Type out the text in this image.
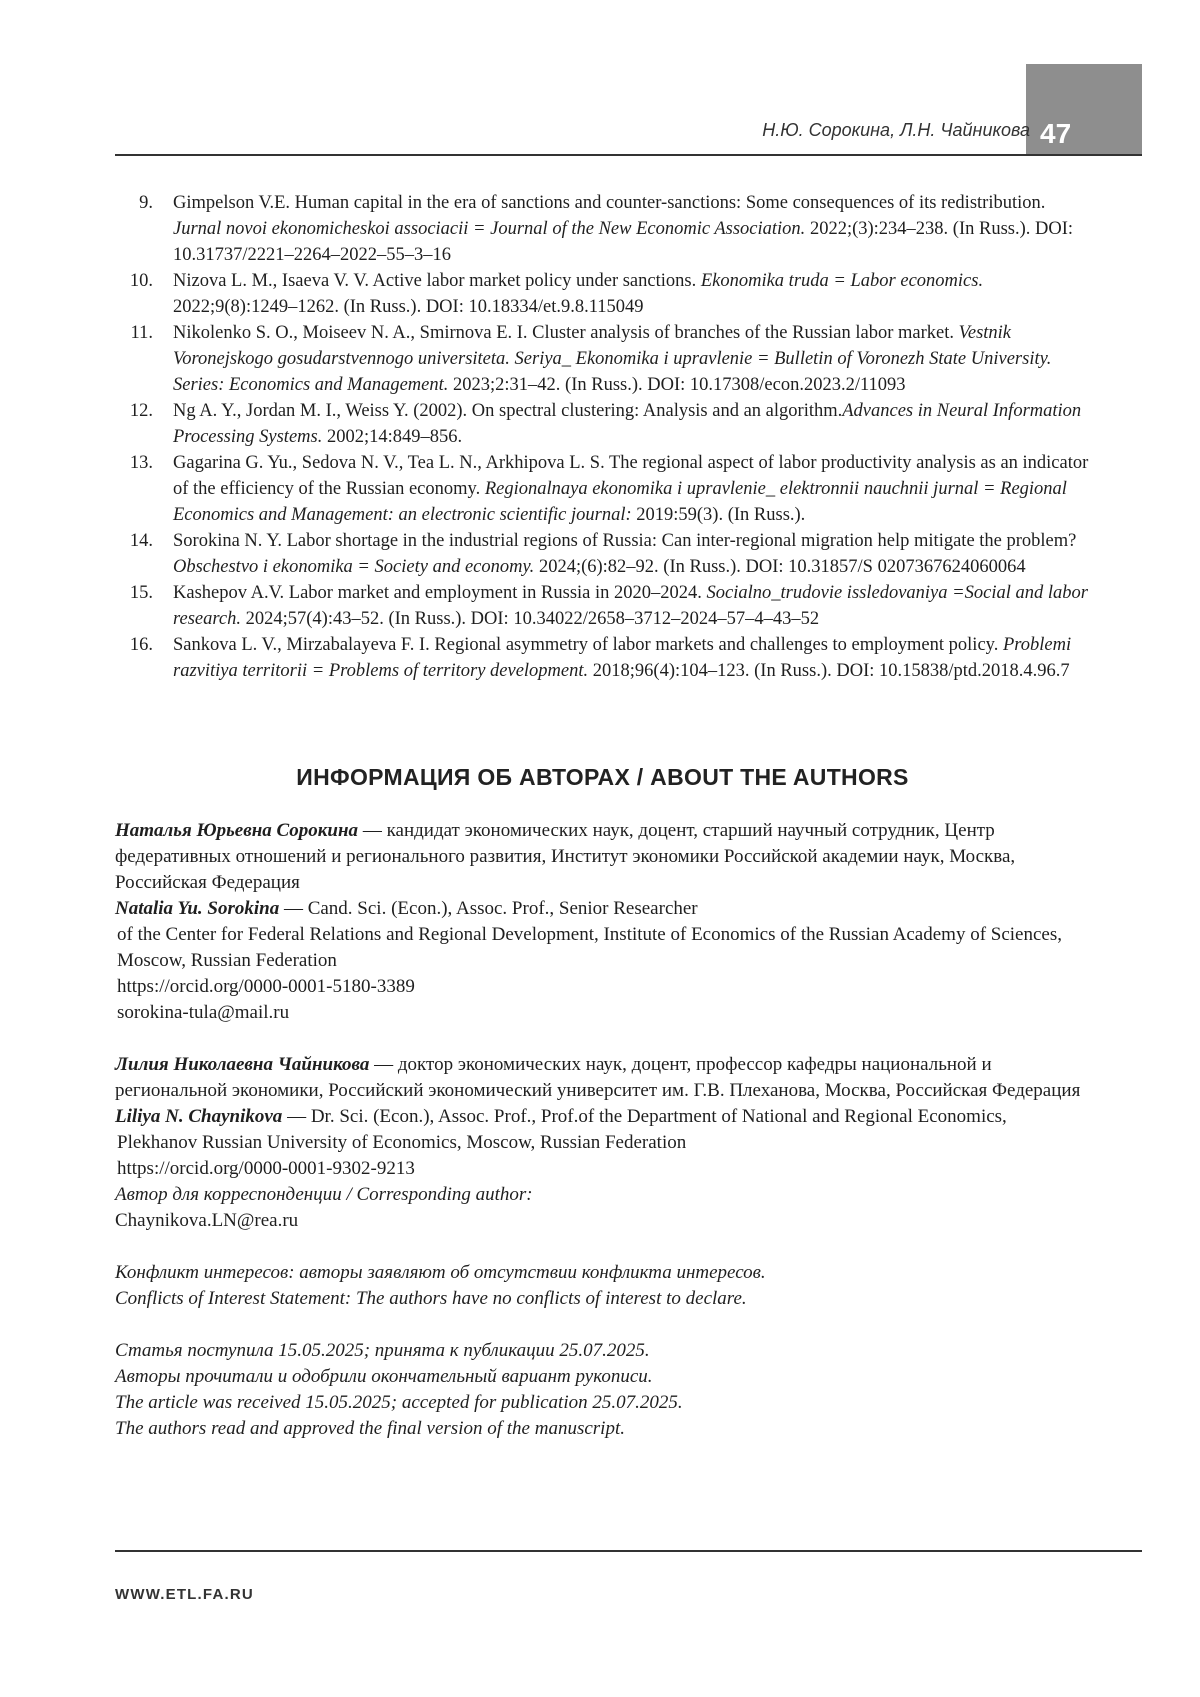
47
Н.Ю. Сорокина, Л.Н. Чайникова
9. Gimpelson V.E. Human capital in the era of sanctions and counter-sanctions: Some consequences of its redistribution. Jurnal novoi ekonomicheskoi associacii = Journal of the New Economic Association. 2022;(3):234–238. (In Russ.). DOI: 10.31737/2221–2264–2022–55–3–16
10. Nizova L. M., Isaeva V. V. Active labor market policy under sanctions. Ekonomika truda = Labor economics. 2022;9(8):1249–1262. (In Russ.). DOI: 10.18334/et.9.8.115049
11. Nikolenko S. O., Moiseev N. A., Smirnova E. I. Cluster analysis of branches of the Russian labor market. Vestnik Voronejskogo gosudarstvennogo universiteta. Seriya_ Ekonomika i upravlenie = Bulletin of Voronezh State University. Series: Economics and Management. 2023;2:31–42. (In Russ.). DOI: 10.17308/econ.2023.2/11093
12. Ng A. Y., Jordan M. I., Weiss Y. (2002). On spectral clustering: Analysis and an algorithm.Advances in Neural Information Processing Systems. 2002;14:849–856.
13. Gagarina G. Yu., Sedova N. V., Tea L. N., Arkhipova L. S. The regional aspect of labor productivity analysis as an indicator of the efficiency of the Russian economy. Regionalnaya ekonomika i upravlenie_ elektronnii nauchnii jurnal = Regional Economics and Management: an electronic scientific journal: 2019:59(3). (In Russ.).
14. Sorokina N. Y. Labor shortage in the industrial regions of Russia: Can inter-regional migration help mitigate the problem? Obschestvo i ekonomika = Society and economy. 2024;(6):82–92. (In Russ.). DOI: 10.31857/S 0207367624060064
15. Kashepov A.V. Labor market and employment in Russia in 2020–2024. Socialno_trudovie issledovaniya =Social and labor research. 2024;57(4):43–52. (In Russ.). DOI: 10.34022/2658–3712–2024–57–4–43–52
16. Sankova L. V., Mirzabalayeva F. I. Regional asymmetry of labor markets and challenges to employment policy. Problemi razvitiya territorii = Problems of territory development. 2018;96(4):104–123. (In Russ.). DOI: 10.15838/ptd.2018.4.96.7
ИНФОРМАЦИЯ ОБ АВТОРАХ / ABOUT THE AUTHORS

Наталья Юрьевна Сорокина — кандидат экономических наук, доцент, старший научный сотрудник, Центр федеративных отношений и регионального развития, Институт экономики Российской академии наук, Москва, Российская Федерация

Natalia Yu. Sorokina — Cand. Sci. (Econ.), Assoc. Prof., Senior Researcher

of the Center for Federal Relations and Regional Development, Institute of Economics of the Russian Academy of Sciences, Moscow, Russian Federation

https://orcid.org/0000-0001-5180-3389

sorokina-tula@mail.ru

Лилия Николаевна Чайникова — доктор экономических наук, доцент, профессор кафедры национальной и региональной экономики, Российский экономический университет им. Г.В. Плеханова, Москва, Российская Федерация

Liliya N. Chaynikova — Dr. Sci. (Econ.), Assoc. Prof., Prof.of the Department of National and Regional Economics,

Plekhanov Russian University of Economics, Moscow, Russian Federation

https://orcid.org/0000-0001-9302-9213

Автор для корреспонденции / Corresponding author:

Chaynikova.LN@rea.ru

Конфликт интересов: авторы заявляют об отсутствии конфликта интересов.

Conflicts of Interest Statement: The authors have no conflicts of interest to declare.

Статья поступила 15.05.2025; принята к публикации 25.07.2025.

Авторы прочитали и одобрили окончательный вариант рукописи.

The article was received 15.05.2025; accepted for publication 25.07.2025.

The authors read and approved the final version of the manuscript.

WWW.ETL.FA.RU
